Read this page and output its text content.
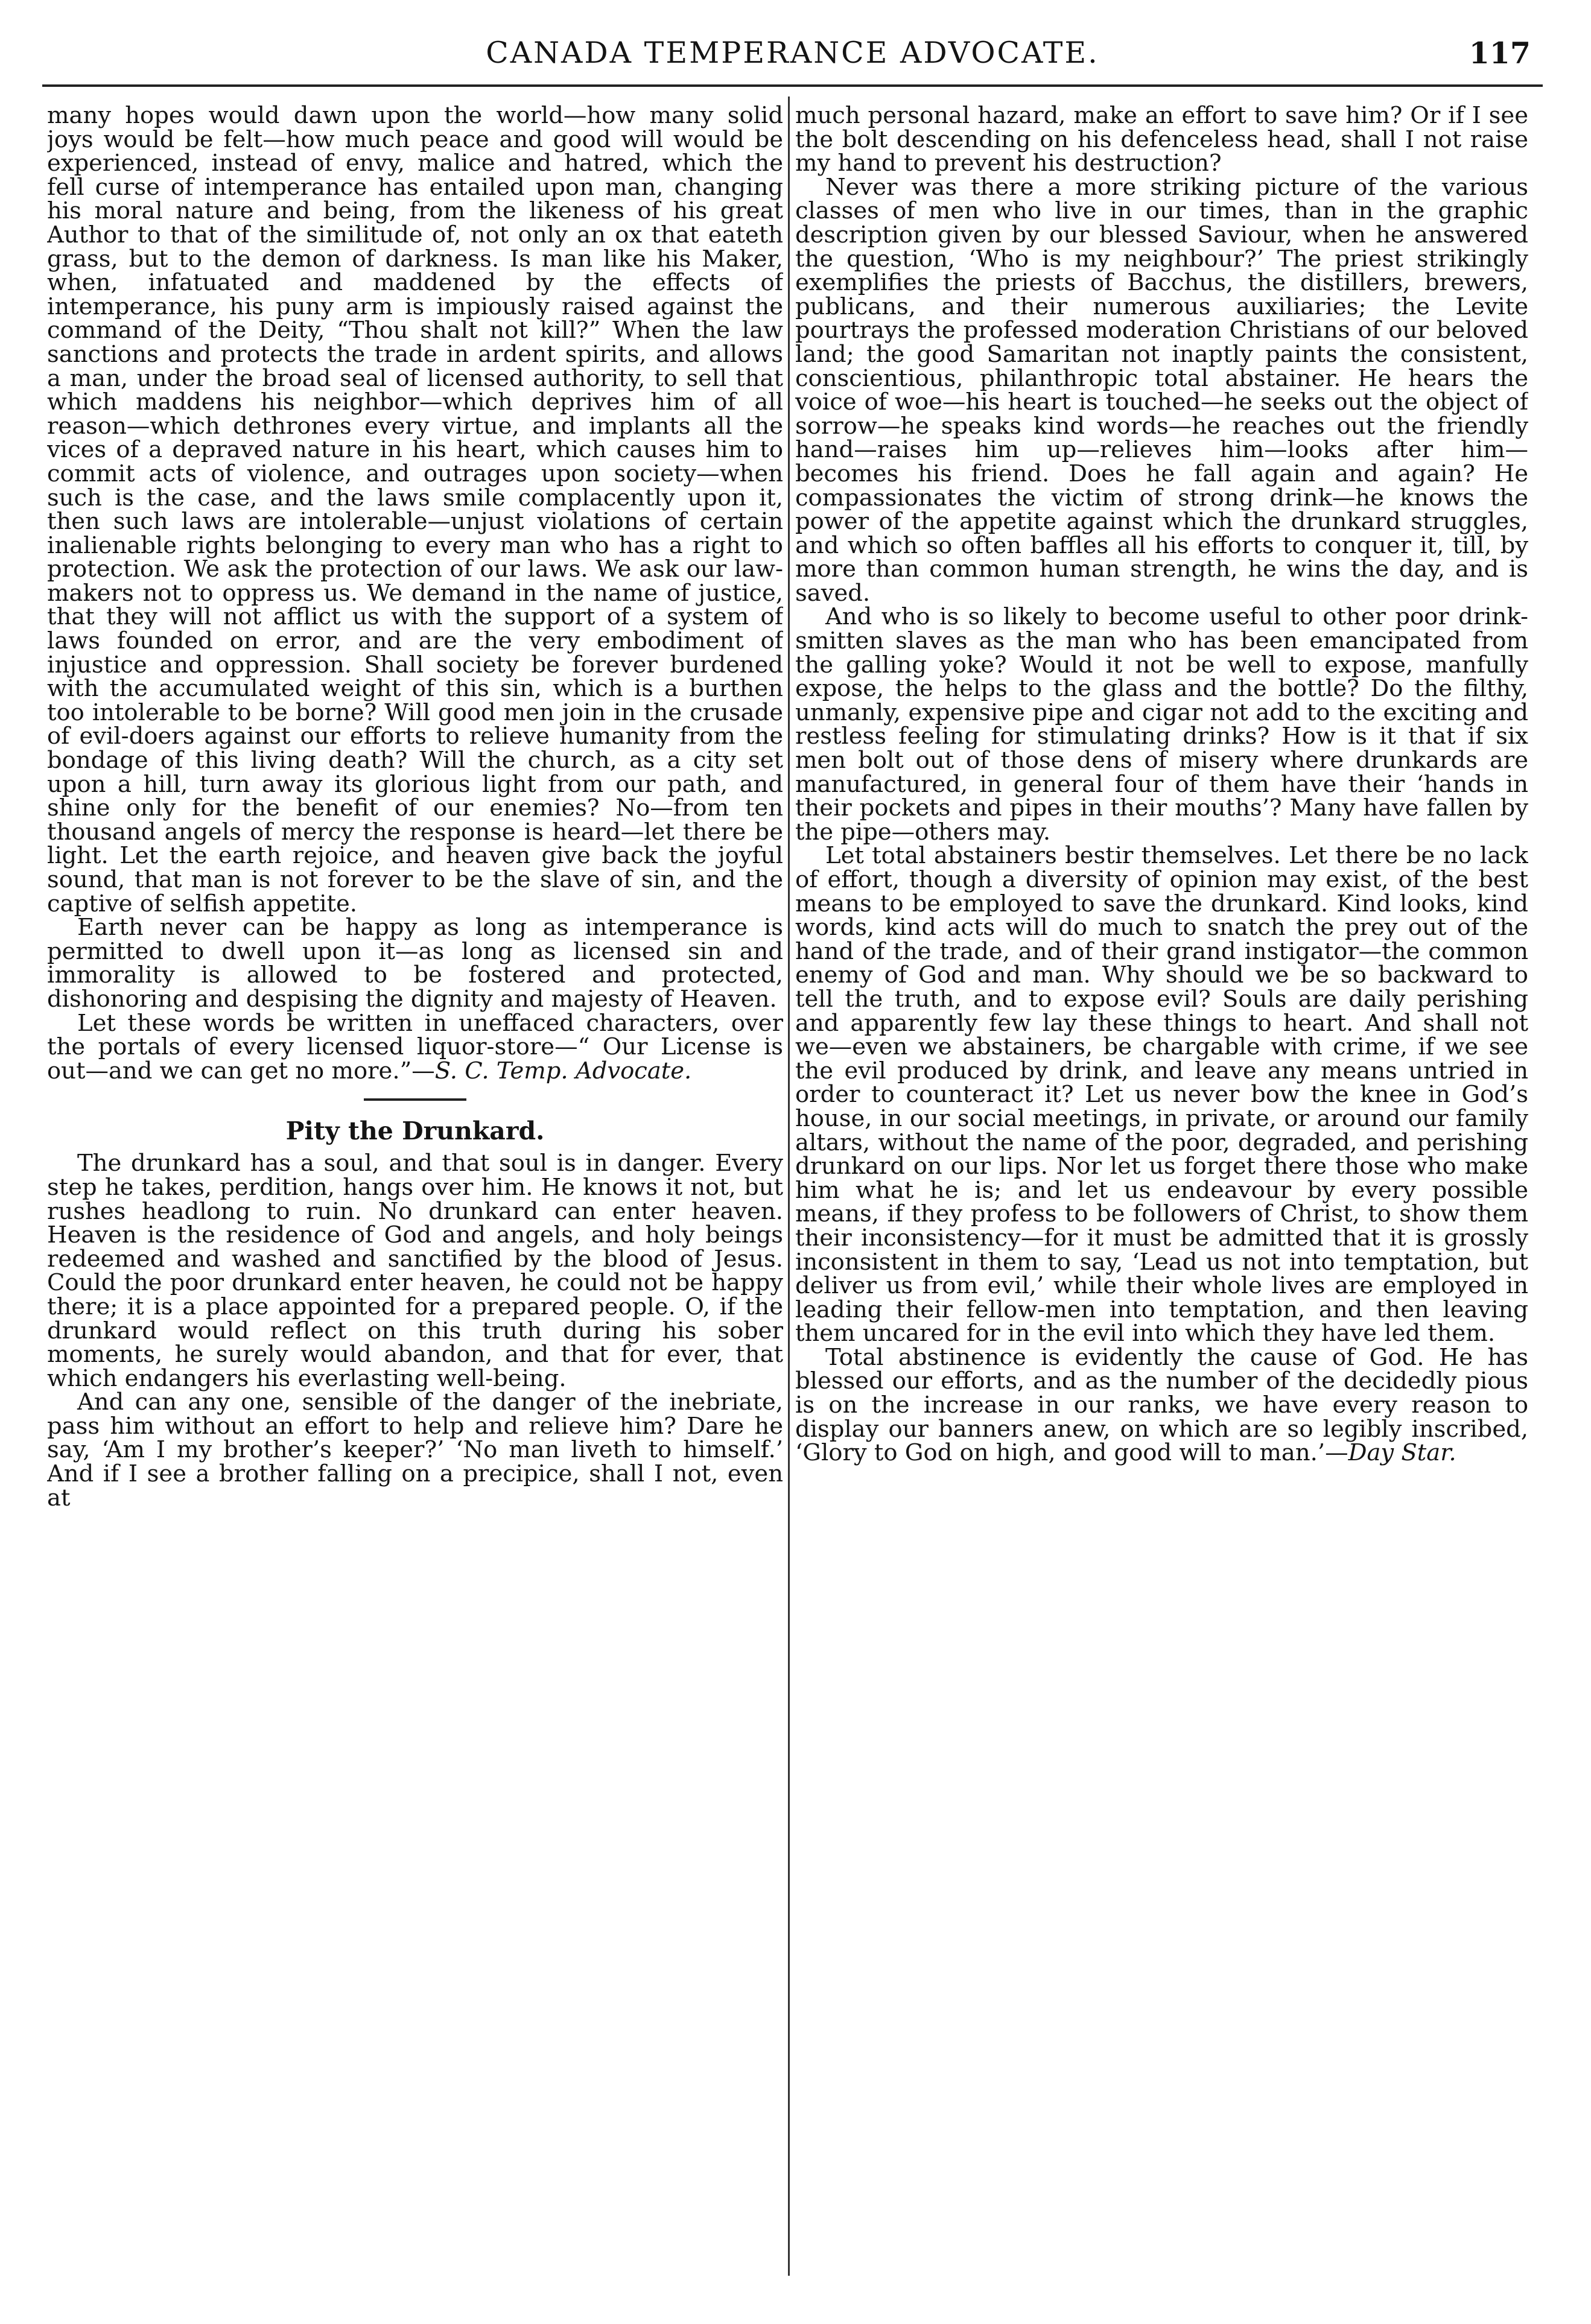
CANADA TEMPERANCE ADVOCATE.	117

many hopes would dawn upon the world—how many solid joys would be felt—how much peace and good will would be experienced, instead of envy, malice and hatred, which the fell curse of intemperance has entailed upon man, changing his moral nature and being, from the likeness of his great Author to that of the similitude of, not only an ox that eateth grass, but to the demon of darkness. Is man like his Maker, when, infatuated and maddened by the effects of intemperance, his puny arm is impiously raised against the command of the Deity, “Thou shalt not kill?” When the law sanctions and protects the trade in ardent spirits, and allows a man, under the broad seal of licensed authority, to sell that which maddens his neighbor—which deprives him of all reason—which dethrones every virtue, and implants all the vices of a depraved nature in his heart, which causes him to commit acts of violence, and outrages upon society—when such is the case, and the laws smile complacently upon it, then such laws are intolerable—unjust violations of certain inalienable rights belonging to every man who has a right to protection. We ask the protection of our laws. We ask our law-makers not to oppress us. We demand in the name of justice, that they will not afflict us with the support of a system of laws founded on error, and are the very embodiment of injustice and oppression. Shall society be forever burdened with the accumulated weight of this sin, which is a burthen too intolerable to be borne? Will good men join in the crusade of evil-doers against our efforts to relieve humanity from the bondage of this living death? Will the church, as a city set upon a hill, turn away its glorious light from our path, and shine only for the benefit of our enemies? No—from ten thousand angels of mercy the response is heard—let there be light. Let the earth rejoice, and heaven give back the joyful sound, that man is not forever to be the slave of sin, and the captive of selfish appetite.

Earth never can be happy as long as intemperance is permitted to dwell upon it—as long as licensed sin and immorality is allowed to be fostered and protected, dishonoring and despising the dignity and majesty of Heaven.

Let these words be written in uneffaced characters, over the portals of every licensed liquor-store—“ Our License is out—and we can get no more.”—S. C. Temp. Advocate.

Pity the Drunkard.

The drunkard has a soul, and that soul is in danger. Every step he takes, perdition, hangs over him. He knows it not, but rushes headlong to ruin. No drunkard can enter heaven. Heaven is the residence of God and angels, and holy beings redeemed and washed and sanctified by the blood of Jesus. Could the poor drunkard enter heaven, he could not be happy there; it is a place appointed for a prepared people. O, if the drunkard would reflect on this truth during his sober moments, he surely would abandon, and that for ever, that which endangers his everlasting well-being.

And can any one, sensible of the danger of the inebriate, pass him without an effort to help and relieve him? Dare he say, ‘Am I my brother’s keeper?’ ‘No man liveth to himself.’ And if I see a brother falling on a precipice, shall I not, even at

much personal hazard, make an effort to save him? Or if I see the bolt descending on his defenceless head, shall I not raise my hand to prevent his destruction?

Never was there a more striking picture of the various classes of men who live in our times, than in the graphic description given by our blessed Saviour, when he answered the question, ‘Who is my neighbour?’ The priest strikingly exemplifies the priests of Bacchus, the distillers, brewers, publicans, and their numerous auxiliaries; the Levite pourtrays the professed moderation Christians of our beloved land; the good Samaritan not inaptly paints the consistent, conscientious, philanthropic total abstainer. He hears the voice of woe—his heart is touched—he seeks out the object of sorrow—he speaks kind words—he reaches out the friendly hand—raises him up—relieves him—looks after him—becomes his friend. Does he fall again and again? He compassionates the victim of strong drink—he knows the power of the appetite against which the drunkard struggles, and which so often baffles all his efforts to conquer it, till, by more than common human strength, he wins the day, and is saved.

And who is so likely to become useful to other poor drink-smitten slaves as the man who has been emancipated from the galling yoke? Would it not be well to expose, manfully expose, the helps to the glass and the bottle? Do the filthy, unmanly, expensive pipe and cigar not add to the exciting and restless feeling for stimulating drinks? How is it that if six men bolt out of those dens of misery where drunkards are manufactured, in general four of them have their ‘hands in their pockets and pipes in their mouths’? Many have fallen by the pipe—others may.

Let total abstainers bestir themselves. Let there be no lack of effort, though a diversity of opinion may exist, of the best means to be employed to save the drunkard. Kind looks, kind words, kind acts will do much to snatch the prey out of the hand of the trade, and of their grand instigator—the common enemy of God and man. Why should we be so backward to tell the truth, and to expose evil? Souls are daily perishing and apparently few lay these things to heart. And shall not we—even we abstainers, be chargable with crime, if we see the evil produced by drink, and leave any means untried in order to counteract it? Let us never bow the knee in God’s house, in our social meetings, in private, or around our family altars, without the name of the poor, degraded, and perishing drunkard on our lips. Nor let us forget there those who make him what he is; and let us endeavour by every possible means, if they profess to be followers of Christ, to show them their inconsistency—for it must be admitted that it is grossly inconsistent in them to say, ‘Lead us not into temptation, but deliver us from evil,’ while their whole lives are employed in leading their fellow-men into temptation, and then leaving them uncared for in the evil into which they have led them.

Total abstinence is evidently the cause of God. He has blessed our efforts, and as the number of the decidedly pious is on the increase in our ranks, we have every reason to display our banners anew, on which are so legibly inscribed, ‘Glory to God on high, and good will to man.’—Day Star.
